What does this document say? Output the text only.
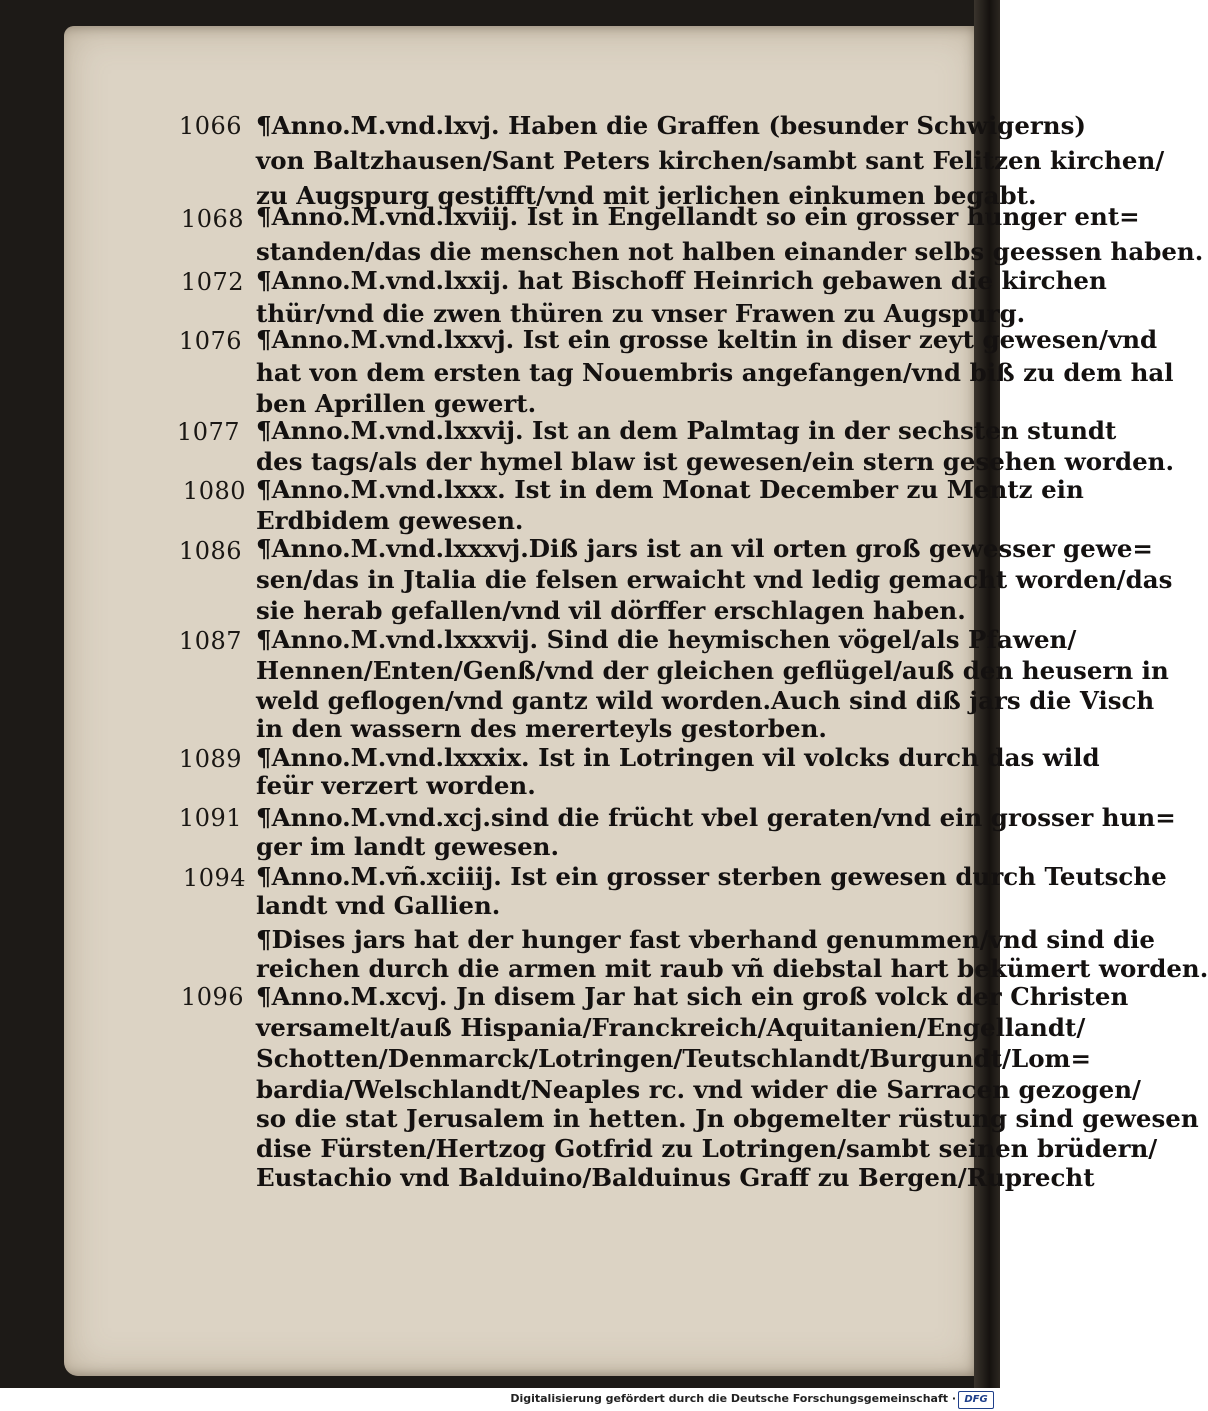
1066 ¶Anno.M.vnd.lxvj. Haben die Graffen (besunder Schwigerns)
von Baltzhausen/Sant Peters kirchen/sambt sant Felitzen kirchen/
zu Augspurg gestifft/vnd mit jerlichen einkumen begabt.
1068 ¶Anno.M.vnd.lxviij. Ist in Engellandt so ein grosser hunger ent=
standen/das die menschen not halben einander selbs geessen haben.
1072 ¶Anno.M.vnd.lxxij. hat Bischoff Heinrich gebawen die kirchen
thür/vnd die zwen thüren zu vnser Frawen zu Augspurg.
1076 ¶Anno.M.vnd.lxxvj. Ist ein grosse keltin in diser zeyt gewesen/vnd
hat von dem ersten tag Nouembris angefangen/vnd biß zu dem hal
ben Aprillen gewert.
1077 ¶Anno.M.vnd.lxxvij. Ist an dem Palmtag in der sechsten stundt
des tags/als der hymel blaw ist gewesen/ein stern gesehen worden.
1080 ¶Anno.M.vnd.lxxx. Ist in dem Monat December zu Mentz ein
Erdbidem gewesen.
1086 ¶Anno.M.vnd.lxxxvj.Diß jars ist an vil orten groß gewesser gewe=
sen/das in Jtalia die felsen erwaicht vnd ledig gemacht worden/das
sie herab gefallen/vnd vil dörffer erschlagen haben.
1087 ¶Anno.M.vnd.lxxxvij. Sind die heymischen vögel/als Pfawen/
Hennen/Enten/Genß/vnd der gleichen geflügel/auß den heusern in
weld geflogen/vnd gantz wild worden.Auch sind diß jars die Visch
in den wassern des mererteyls gestorben.
1089 ¶Anno.M.vnd.lxxxix. Ist in Lotringen vil volcks durch das wild
feür verzert worden.
1091 ¶Anno.M.vnd.xcj.sind die frücht vbel geraten/vnd ein grosser hun=
ger im landt gewesen.
1094 ¶Anno.M.vñ.xciiij. Ist ein grosser sterben gewesen durch Teutsche
landt vnd Gallien.
¶Dises jars hat der hunger fast vberhand genummen/vnd sind die
reichen durch die armen mit raub vñ diebstal hart bekümert worden.
1096 ¶Anno.M.xcvj. Jn disem Jar hat sich ein groß volck der Christen
versamelt/auß Hispania/Franckreich/Aquitanien/Engellandt/
Schotten/Denmarck/Lotringen/Teutschlandt/Burgundt/Lom=
bardia/Welschlandt/Neaples rc. vnd wider die Sarracen gezogen/
so die stat Jerusalem in hetten. Jn obgemelter rüstung sind gewesen
dise Fürsten/Hertzog Gotfrid zu Lotringen/sambt seinen brüdern/
Eustachio vnd Balduino/Balduinus Graff zu Bergen/Ruprecht
Digitalisierung gefördert durch die Deutsche Forschungsgemeinschaft · DFG
